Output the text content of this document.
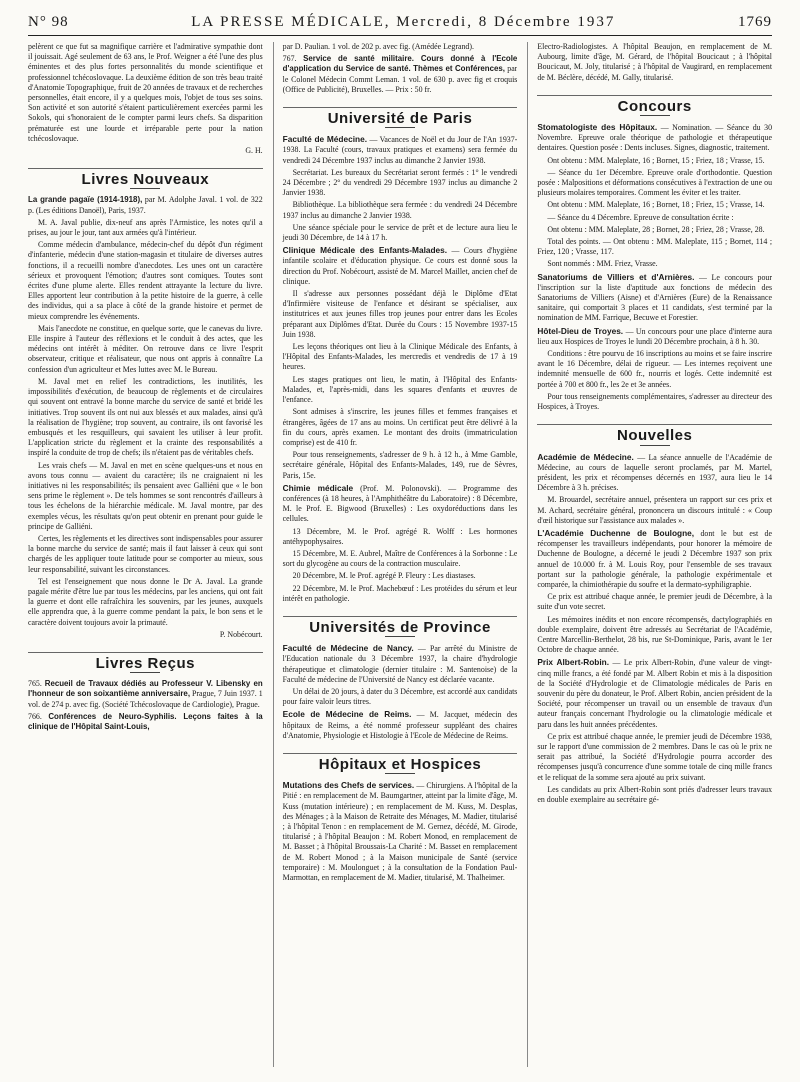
N° 98	LA PRESSE MÉDICALE, Mercredi, 8 Décembre 1937	1769

pelèrent ce que fut sa magnifique carrière et l'admirative sympathie dont il jouissait. Agé seulement de 63 ans, le Prof. Weigner a été l'une des plus éminentes et des plus fortes personnalités du monde scientifique et professionnel tchécoslovaque. La deuxième édition de son très beau traité d'Anatomie Topographique, fruit de 20 années de travaux et de recherches personnelles, était encore, il y a quelques mois, l'objet de tous ses soins. Son activité et son autorité s'étaient particulièrement exercées parmi les Sokols, qui s'honoraient de le compter parmi leurs chefs. Sa disparition prématurée est une lourde et irréparable perte pour la nation tchécoslovaque.

G. H.
Livres Nouveaux

La grande pagaïe (1914-1918), par M. Adolphe Javal. 1 vol. de 322 p. (Les éditions Danoël), Paris, 1937.

M. A. Javal publie, dix-neuf ans après l'Armistice, les notes qu'il a prises, au jour le jour, tant aux armées qu'à l'intérieur.

Comme médecin d'ambulance, médecin-chef du dépôt d'un régiment d'infanterie, médecin d'une station-magasin et titulaire de diverses autres fonctions, il a recueilli nombre d'anecdotes. Les unes ont un caractère sérieux et provoquent l'émotion; d'autres sont comiques. Toutes sont écrites d'une plume alerte. Elles rendent attrayante la lecture du livre. Elles apportent leur contribution à la petite histoire de la guerre, à celle des individus, qui a sa place à côté de la grande histoire et permet de mieux comprendre les événements.

Mais l'anecdote ne constitue, en quelque sorte, que le canevas du livre. Elle inspire à l'auteur des réflexions et le conduit à des actes, que les médecins ont intérêt à méditer. On retrouve dans ce livre l'esprit observateur, critique et réalisateur, que nous ont appris à connaître La confession d'un agriculteur et Mes luttes avec M. le Bureau.

M. Javal met en relief les contradictions, les inutilités, les impossibilités d'exécution, de beaucoup de règlements et de circulaires qui souvent ont entravé la bonne marche du service de santé et bridé les initiatives. Trop souvent ils ont nui aux blessés et aux malades, ainsi qu'à la réalisation de l'hygiène; trop souvent, au contraire, ils ont favorisé les embusqués et les resquilleurs, qui savaient les utiliser à leur profit. L'application stricte du règlement et la crainte des responsabilités a inspiré la conduite de trop de chefs; ils n'étaient pas de véritables chefs.

Les vrais chefs — M. Javal en met en scène quelques-uns et nous en avons tous connu — avaient du caractère; ils ne craignaient ni les initiatives ni les responsabilités; ils pensaient avec Galliéni que « le bon sens prime le règlement ». De tels hommes se sont rencontrés d'ailleurs à tous les échelons de la hiérarchie médicale. M. Javal montre, par des exemples vécus, les résultats qu'on peut obtenir en prenant pour guide le principe de Galliéni.

Certes, les règlements et les directives sont indispensables pour assurer la bonne marche du service de santé; mais il faut laisser à ceux qui sont chargés de les appliquer toute latitude pour se comporter au mieux, sous leur responsabilité, suivant les circonstances.

Tel est l'enseignement que nous donne le Dr A. Javal. La grande pagaïe mérite d'être lue par tous les médecins, par les anciens, qui ont fait la guerre et dont elle rafraîchira les souvenirs, par les jeunes, auxquels elle apprendra que, à la guerre comme pendant la paix, le bon sens et le caractère doivent toujours avoir la primauté.

P. Nobécourt.
Livres Reçus

765. Recueil de Travaux dédiés au Professeur V. Libensky en l'honneur de son soixantième anniversaire, Prague, 7 Juin 1937. 1 vol. de 274 p. avec fig. (Société Tchécoslovaque de Cardiologie), Prague.

766. Conférences de Neuro-Syphilis. Leçons faites à la clinique de l'Hôpital Saint-Louis,

par D. Paulian. 1 vol. de 202 p. avec fig. (Amédée Legrand).

767. Service de santé militaire. Cours donné à l'Ecole d'application du Service de santé. Thèmes et Conférences, par le Colonel Médecin Commt Leman. 1 vol. de 630 p. avec fig et croquis (Office de Publicité), Bruxelles. — Prix : 50 fr.

Université de Paris

Faculté de Médecine. — Vacances de Noël et du Jour de l'An 1937-1938. La Faculté (cours, travaux pratiques et examens) sera fermée du vendredi 24 Décembre 1937 inclus au dimanche 2 Janvier 1938.

Secrétariat. Les bureaux du Secrétariat seront fermés : 1° le vendredi 24 Décembre ; 2° du vendredi 29 Décembre 1937 inclus au dimanche 2 Janvier 1938.

Bibliothèque. La bibliothèque sera fermée : du vendredi 24 Décembre 1937 inclus au dimanche 2 Janvier 1938.

Une séance spéciale pour le service de prêt et de lecture aura lieu le jeudi 30 Décembre, de 14 à 17 h.

Clinique Médicale des Enfants-Malades. — Cours d'hygiène infantile scolaire et d'éducation physique. Ce cours est donné sous la direction du Prof. Nobécourt, assisté de M. Marcel Maillet, ancien chef de clinique.

Il s'adresse aux personnes possédant déjà le Diplôme d'Etat d'Infirmière visiteuse de l'enfance et désirant se spécialiser, aux institutrices et aux jeunes filles trop jeunes pour entrer dans les Ecoles préparant aux Diplômes d'Etat. Durée du Cours : 15 Novembre 1937-15 Juin 1938.

Les leçons théoriques ont lieu à la Clinique Médicale des Enfants, à l'Hôpital des Enfants-Malades, les mercredis et vendredis de 17 à 19 heures.

Les stages pratiques ont lieu, le matin, à l'Hôpital des Enfants-Malades, et, l'après-midi, dans les squares d'enfants et œuvres de l'enfance.

Sont admises à s'inscrire, les jeunes filles et femmes françaises et étrangères, âgées de 17 ans au moins. Un certificat peut être délivré à la fin du cours, après examen. Le montant des droits (immatriculation comprise) est de 410 fr.

Pour tous renseignements, s'adresser de 9 h. à 12 h., à Mme Gamble, secrétaire générale, Hôpital des Enfants-Malades, 149, rue de Sèvres, Paris, 15e.

Chimie médicale (Prof. M. Polonovski). — Programme des conférences (à 18 heures, à l'Amphithéâtre du Laboratoire) : 8 Décembre, M. le Prof. E. Bigwood (Bruxelles) : Les oxydoréductions dans les cellules.

13 Décembre, M. le Prof. agrégé R. Wolff : Les hormones antéhypophysaires.

15 Décembre, M. E. Aubrel, Maître de Conférences à la Sorbonne : Le sort du glycogène au cours de la contraction musculaire.

20 Décembre, M. le Prof. agrégé P. Fleury : Les diastases.

22 Décembre, M. le Prof. Machebœuf : Les protéides du sérum et leur intérêt en pathologie.

Universités de Province

Faculté de Médecine de Nancy. — Par arrêté du Ministre de l'Education nationale du 3 Décembre 1937, la chaire d'hydrologie thérapeutique et climatologie (dernier titulaire : M. Santenoise) de la Faculté de médecine de l'Université de Nancy est déclarée vacante.

Un délai de 20 jours, à dater du 3 Décembre, est accordé aux candidats pour faire valoir leurs titres.

Ecole de Médecine de Reims. — M. Jacquet, médecin des hôpitaux de Reims, a été nommé professeur suppléant des chaires d'Anatomie, Physiologie et Histologie à l'Ecole de Médecine de Reims.

Hôpitaux et Hospices

Mutations des Chefs de services. — Chirurgiens. A l'hôpital de la Pitié : en remplacement de M. Baumgartner, atteint par la limite d'âge, M. Kuss (mutation intérieure) ; en remplacement de M. Kuss, M. Desplas, des Ménages ; à la Maison de Retraite des Ménages, M. Madier, titularisé ; à l'hôpital Tenon : en remplacement de M. Gernez, décédé, M. Girode, titularisé ; à l'hôpital Beaujon : M. Robert Monod, en remplacement de M. Basset ; à l'hôpital Broussais-La Charité : M. Basset en remplacement de M. Robert Monod ; à la Maison municipale de Santé (service temporaire) : M. Moulonguet ; à la consultation de la Fondation Paul-Marmottan, en remplacement de M. Madier, titularisé, M. Thalheimer.

Electro-Radiologistes. A l'hôpital Beaujon, en remplacement de M. Aubourg, limite d'âge, M. Gérard, de l'hôpital Boucicaut ; à l'hôpital Boucicaut, M. Joly, titularisé ; à l'hôpital de Vaugirard, en remplacement de M. Béclère, décédé, M. Gally, titularisé.

Concours

Stomatologiste des Hôpitaux. — Nomination. — Séance du 30 Novembre. Epreuve orale théorique de pathologie et thérapeutique dentaires. Question posée : Dents incluses. Signes, diagnostic, traitement.

Ont obtenu : MM. Maleplate, 16 ; Bornet, 15 ; Friez, 18 ; Vrasse, 15.

— Séance du 1er Décembre. Epreuve orale d'orthodontie. Question posée : Malpositions et déformations consécutives à l'extraction de une ou plusieurs molaires temporaires. Comment les éviter et les traiter.

Ont obtenu : MM. Maleplate, 16 ; Bornet, 18 ; Friez, 15 ; Vrasse, 14.

— Séance du 4 Décembre. Epreuve de consultation écrite :

Ont obtenu : MM. Maleplate, 28 ; Bornet, 28 ; Friez, 28 ; Vrasse, 28.

Total des points. — Ont obtenu : MM. Maleplate, 115 ; Bornet, 114 ; Friez, 120 ; Vrasse, 117.

Sont nommés : MM. Friez, Vrasse.

Sanatoriums de Villiers et d'Arnières. — Le concours pour l'inscription sur la liste d'aptitude aux fonctions de médecin des Sanatoriums de Villiers (Aisne) et d'Arnières (Eure) de la Renaissance sanitaire, qui comportait 3 places et 11 candidats, s'est terminé par la nomination de MM. Farrique, Becuwe et Forestier.

Hôtel-Dieu de Troyes. — Un concours pour une place d'interne aura lieu aux Hospices de Troyes le lundi 20 Décembre prochain, à 8 h. 30.

Conditions : être pourvu de 16 inscriptions au moins et se faire inscrire avant le 16 Décembre, délai de rigueur. — Les internes reçoivent une indemnité mensuelle de 600 fr., nourris et logés. Cette indemnité est portée à 700 et 800 fr., les 2e et 3e années.

Pour tous renseignements complémentaires, s'adresser au directeur des Hospices, à Troyes.

Nouvelles

Académie de Médecine. — La séance annuelle de l'Académie de Médecine, au cours de laquelle seront proclamés, par M. Martel, président, les prix et récompenses décernés en 1937, aura lieu le 14 Décembre à 3 h. précises.

M. Brouardel, secrétaire annuel, présentera un rapport sur ces prix et M. Achard, secrétaire général, prononcera un discours intitulé : « Coup d'œil historique sur l'assistance aux malades ».

L'Académie Duchenne de Boulogne, dont le but est de récompenser les travailleurs indépendants, pour honorer la mémoire de Duchenne de Boulogne, a décerné le jeudi 2 Décembre 1937 son prix annuel de 10.000 fr. à M. Louis Roy, pour l'ensemble de ses travaux portant sur la pathologie générale, la pathologie expérimentale et comparée, la chimiothérapie du soufre et la dermato-syphiligraphie.

Ce prix est attribué chaque année, le premier jeudi de Décembre, à la suite d'un vote secret.

Les mémoires inédits et non encore récompensés, dactylographiés en double exemplaire, doivent être adressés au Secrétariat de l'Académie, Centre Marcellin-Berthelot, 28 bis, rue St-Dominique, Paris, avant le 1er Octobre de chaque année.

Prix Albert-Robin. — Le prix Albert-Robin, d'une valeur de vingt-cinq mille francs, a été fondé par M. Albert Robin et mis à la disposition de la Société d'Hydrologie et de Climatologie médicales de Paris en souvenir du père du donateur, le Prof. Albert Robin, ancien président de la Société, pour récompenser un travail ou un ensemble de travaux d'un auteur français concernant l'hydrologie ou la climatologie médicale et paru dans les huit années précédentes.

Ce prix est attribué chaque année, le premier jeudi de Décembre 1938, sur le rapport d'une commission de 2 membres. Dans le cas où le prix ne serait pas attribué, la Société d'Hydrologie pourra accorder des récompenses jusqu'à concurrence d'une somme totale de cinq mille francs et le reliquat de la somme sera ajouté au prix suivant.

Les candidats au prix Albert-Robin sont priés d'adresser leurs travaux en double exemplaire au secrétaire gé-
